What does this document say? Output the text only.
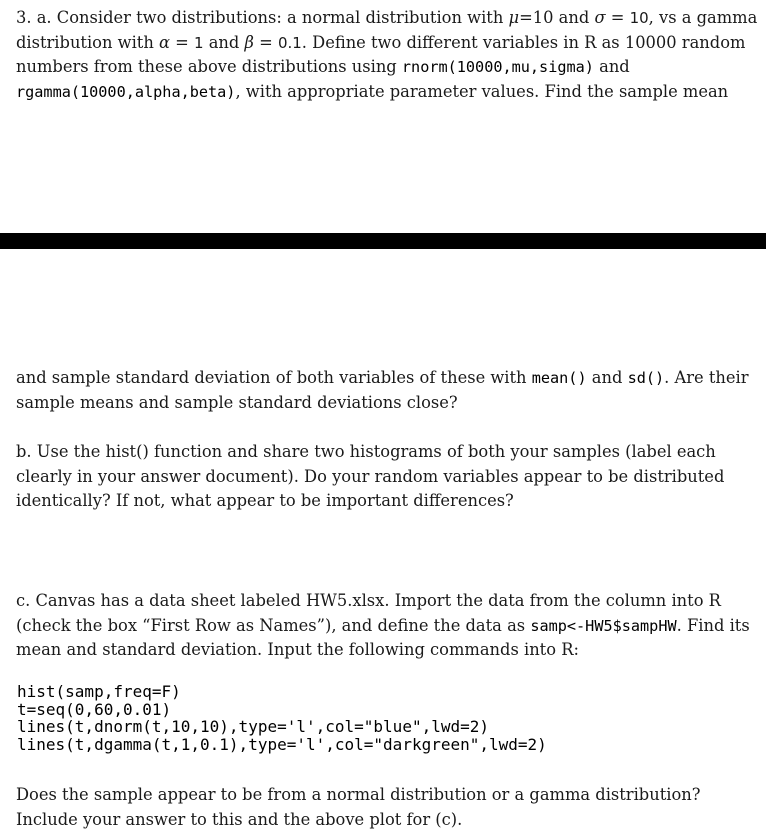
3. a. Consider two distributions: a normal distribution with μ=10 and σ = 10, vs a gamma distribution with α = 1 and β = 0.1. Define two different variables in R as 10000 random numbers from these above distributions using rnorm(10000,mu,sigma) and rgamma(10000,alpha,beta), with appropriate parameter values. Find the sample mean

and sample standard deviation of both variables of these with mean() and sd(). Are their sample means and sample standard deviations close?

b. Use the hist() function and share two histograms of both your samples (label each clearly in your answer document). Do your random variables appear to be distributed identically? If not, what appear to be important differences?

c. Canvas has a data sheet labeled HW5.xlsx. Import the data from the column into R (check the box “First Row as Names”), and define the data as samp<-HW5$sampHW. Find its mean and standard deviation. Input the following commands into R:

hist(samp,freq=F)
t=seq(0,60,0.01)
lines(t,dnorm(t,10,10),type='l',col="blue",lwd=2)
lines(t,dgamma(t,1,0.1),type='l',col="darkgreen",lwd=2)

Does the sample appear to be from a normal distribution or a gamma distribution? Include your answer to this and the above plot for (c).
